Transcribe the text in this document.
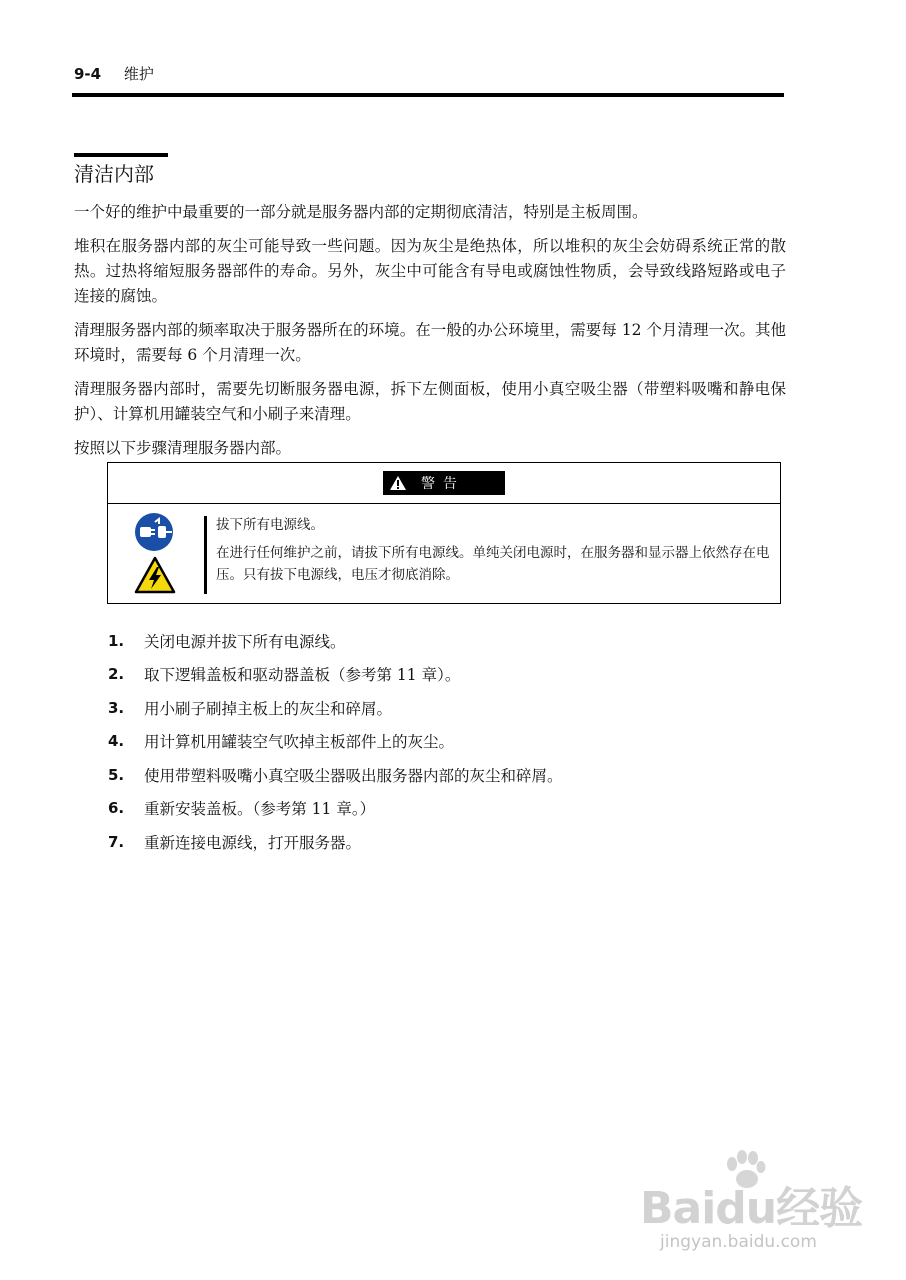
9-4 维护
清洁内部

一个好的维护中最重要的一部分就是服务器内部的定期彻底清洁，特别是主板周围。

堆积在服务器内部的灰尘可能导致一些问题。因为灰尘是绝热体，所以堆积的灰尘会妨碍系统正常的散热。过热将缩短服务器部件的寿命。另外，灰尘中可能含有导电或腐蚀性物质，会导致线路短路或电子连接的腐蚀。

清理服务器内部的频率取决于服务器所在的环境。在一般的办公环境里，需要每 12 个月清理一次。其他环境时，需要每 6 个月清理一次。

清理服务器内部时，需要先切断服务器电源，拆下左侧面板，使用小真空吸尘器（带塑料吸嘴和静电保护）、计算机用罐装空气和小刷子来清理。

按照以下步骤清理服务器内部。

警告

拔下所有电源线。

在进行任何维护之前，请拔下所有电源线。单纯关闭电源时，在服务器和显示器上依然存在电压。只有拔下电源线，电压才彻底消除。

1.	关闭电源并拔下所有电源线。
2.	取下逻辑盖板和驱动器盖板（参考第 11 章）。
3.	用小刷子刷掉主板上的灰尘和碎屑。
4.	用计算机用罐装空气吹掉主板部件上的灰尘。
5.	使用带塑料吸嘴小真空吸尘器吸出服务器内部的灰尘和碎屑。
6.	重新安装盖板。（参考第 11 章。）
7.	重新连接电源线，打开服务器。
Baidu经验
jingyan.baidu.com
